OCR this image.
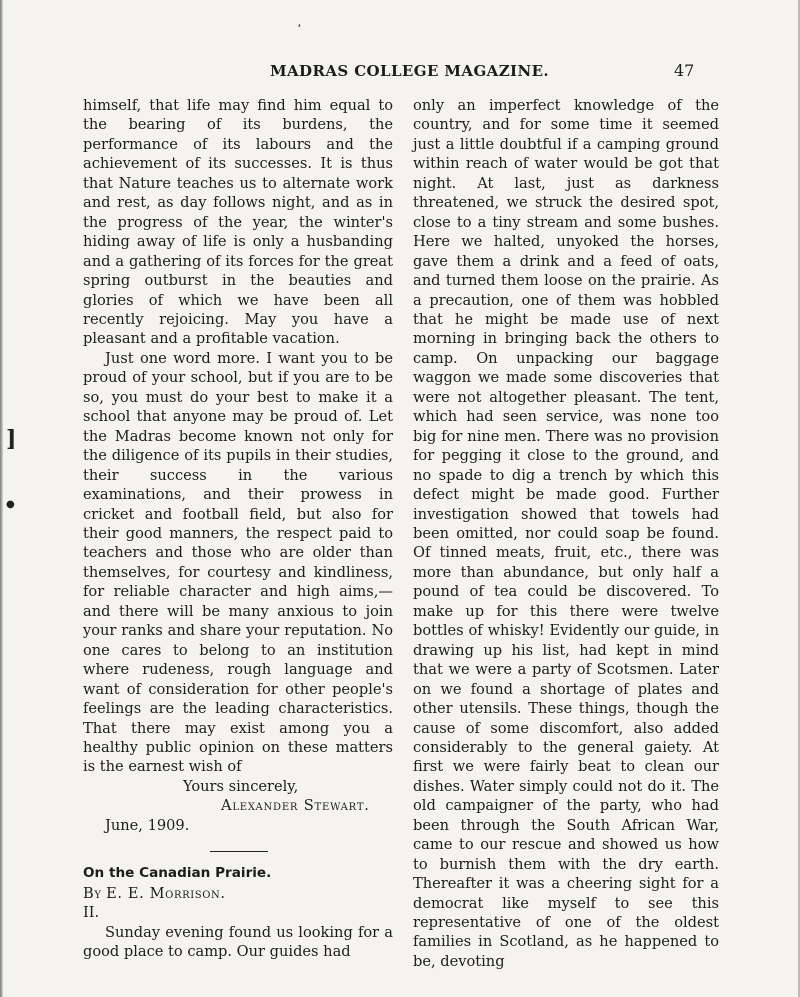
❛
]
●
MADRAS COLLEGE MAGAZINE.	47

himself, that life may find him equal to the bearing of its burdens, the performance of its labours and the achievement of its successes. It is thus that Nature teaches us to alternate work and rest, as day follows night, and as in the progress of the year, the winter's hiding away of life is only a husbanding and a gathering of its forces for the great spring outburst in the beauties and glories of which we have been all recently rejoicing. May you have a pleasant and a profitable vacation.

Just one word more. I want you to be proud of your school, but if you are to be so, you must do your best to make it a school that anyone may be proud of. Let the Madras become known not only for the diligence of its pupils in their studies, their success in the various examinations, and their prowess in cricket and football field, but also for their good manners, the respect paid to teachers and those who are older than themselves, for courtesy and kindliness, for reliable character and high aims,—and there will be many anxious to join your ranks and share your reputation. No one cares to belong to an institution where rudeness, rough language and want of consideration for other people's feelings are the leading characteristics. That there may exist among you a healthy public opinion on these matters is the earnest wish of

Yours sincerely,

Alexander Stewart.

June, 1909.

On the Canadian Prairie.

By E. E. Morrison.

II.

Sunday evening found us looking for a good place to camp. Our guides had

only an imperfect knowledge of the country, and for some time it seemed just a little doubtful if a camping ground within reach of water would be got that night. At last, just as darkness threatened, we struck the desired spot, close to a tiny stream and some bushes. Here we halted, unyoked the horses, gave them a drink and a feed of oats, and turned them loose on the prairie. As a precaution, one of them was hobbled that he might be made use of next morning in bringing back the others to camp. On unpacking our baggage waggon we made some discoveries that were not altogether pleasant. The tent, which had seen service, was none too big for nine men. There was no provision for pegging it close to the ground, and no spade to dig a trench by which this defect might be made good. Further investigation showed that towels had been omitted, nor could soap be found. Of tinned meats, fruit, etc., there was more than abundance, but only half a pound of tea could be discovered. To make up for this there were twelve bottles of whisky! Evidently our guide, in drawing up his list, had kept in mind that we were a party of Scotsmen. Later on we found a shortage of plates and other utensils. These things, though the cause of some discomfort, also added considerably to the general gaiety. At first we were fairly beat to clean our dishes. Water simply could not do it. The old campaigner of the party, who had been through the South African War, came to our rescue and showed us how to burnish them with the dry earth. Thereafter it was a cheering sight for a democrat like myself to see this representative of one of the oldest families in Scotland, as he happened to be, devoting
